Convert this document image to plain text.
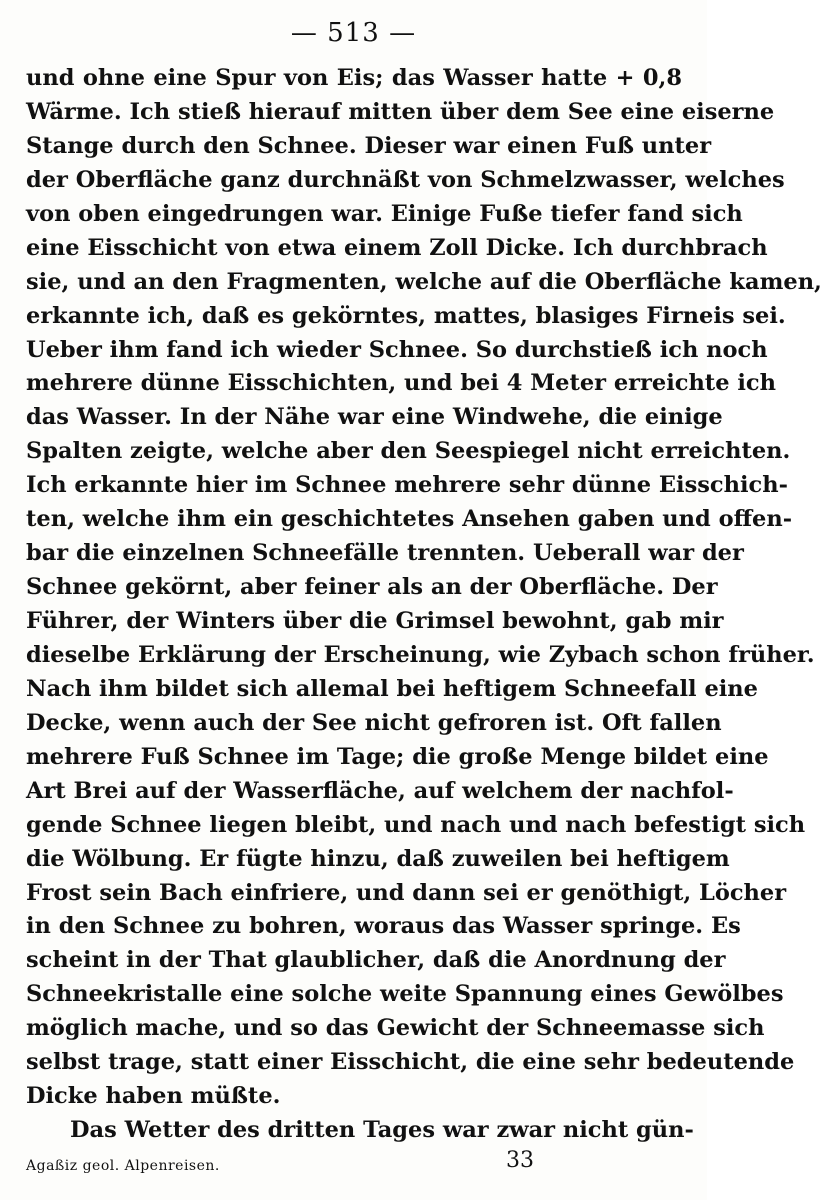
— 513 —
und ohne eine Spur von Eis; das Wasser hatte + 0,8
Wärme. Ich stieß hierauf mitten über dem See eine eiserne
Stange durch den Schnee. Dieser war einen Fuß unter
der Oberfläche ganz durchnäßt von Schmelzwasser, welches
von oben eingedrungen war. Einige Fuße tiefer fand sich
eine Eisschicht von etwa einem Zoll Dicke. Ich durchbrach
sie, und an den Fragmenten, welche auf die Oberfläche kamen,
erkannte ich, daß es gekörntes, mattes, blasiges Firneis sei.
Ueber ihm fand ich wieder Schnee. So durchstieß ich noch
mehrere dünne Eisschichten, und bei 4 Meter erreichte ich
das Wasser. In der Nähe war eine Windwehe, die einige
Spalten zeigte, welche aber den Seespiegel nicht erreichten.
Ich erkannte hier im Schnee mehrere sehr dünne Eisschich-
ten, welche ihm ein geschichtetes Ansehen gaben und offen-
bar die einzelnen Schneefälle trennten. Ueberall war der
Schnee gekörnt, aber feiner als an der Oberfläche. Der
Führer, der Winters über die Grimsel bewohnt, gab mir
dieselbe Erklärung der Erscheinung, wie Zybach schon früher.
Nach ihm bildet sich allemal bei heftigem Schneefall eine
Decke, wenn auch der See nicht gefroren ist. Oft fallen
mehrere Fuß Schnee im Tage; die große Menge bildet eine
Art Brei auf der Wasserfläche, auf welchem der nachfol-
gende Schnee liegen bleibt, und nach und nach befestigt sich
die Wölbung. Er fügte hinzu, daß zuweilen bei heftigem
Frost sein Bach einfriere, und dann sei er genöthigt, Löcher
in den Schnee zu bohren, woraus das Wasser springe. Es
scheint in der That glaublicher, daß die Anordnung der
Schneekristalle eine solche weite Spannung eines Gewölbes
möglich mache, und so das Gewicht der Schneemasse sich
selbst trage, statt einer Eisschicht, die eine sehr bedeutende
Dicke haben müßte.
Das Wetter des dritten Tages war zwar nicht gün-
Agaßiz geol. Alpenreisen.	33
